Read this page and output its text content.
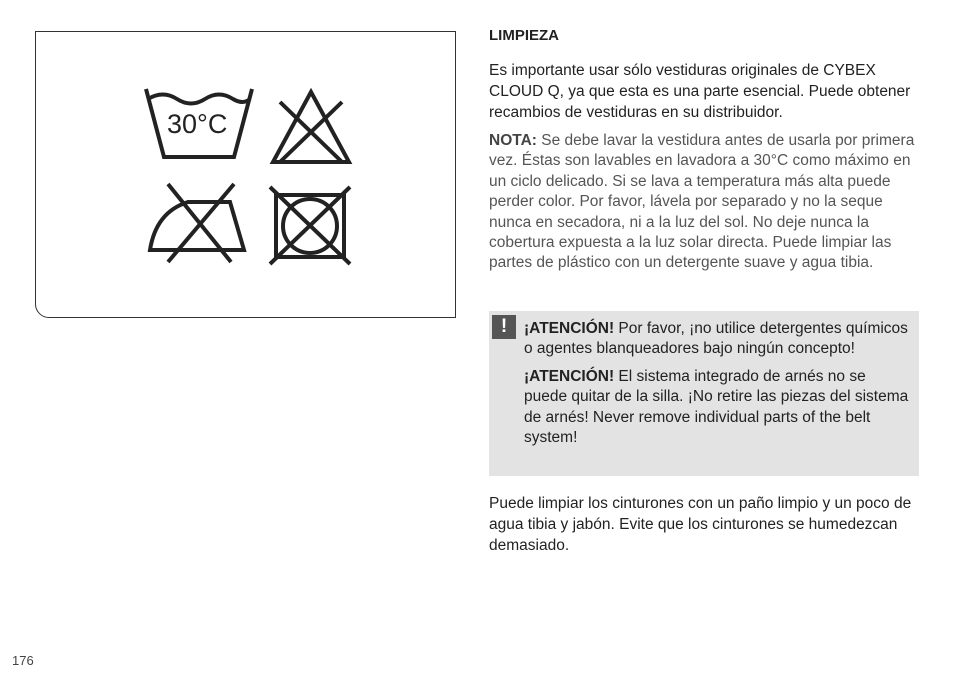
30°C

LIMPIEZA

Es importante usar sólo vestiduras originales de CYBEX CLOUD Q, ya que esta es una parte esencial. Puede obtener recambios de vestiduras en su distribuidor.

NOTA: Se debe lavar la vestidura antes de usarla por primera vez. Éstas son lavables en lavadora a 30°C como máximo en un ciclo delicado. Si se lava a temperatura más alta puede perder color. Por favor, lávela por separado y no la seque nunca en secadora, ni a la luz del sol. No deje nunca la cobertura expuesta a la luz solar directa. Puede limpiar las partes de plástico con un detergente suave y agua tibia.

!	¡ATENCIÓN! Por favor, ¡no utilice detergentes químicos o agentes blanqueadores bajo ningún concepto!

¡ATENCIÓN! El sistema integrado de arnés no se puede quitar de la silla. ¡No retire las piezas del sistema de arnés! Never remove individual parts of the belt system!

Puede limpiar los cinturones con un paño limpio y un poco de agua tibia y jabón. Evite que los cinturones se humedezcan demasiado.

176
